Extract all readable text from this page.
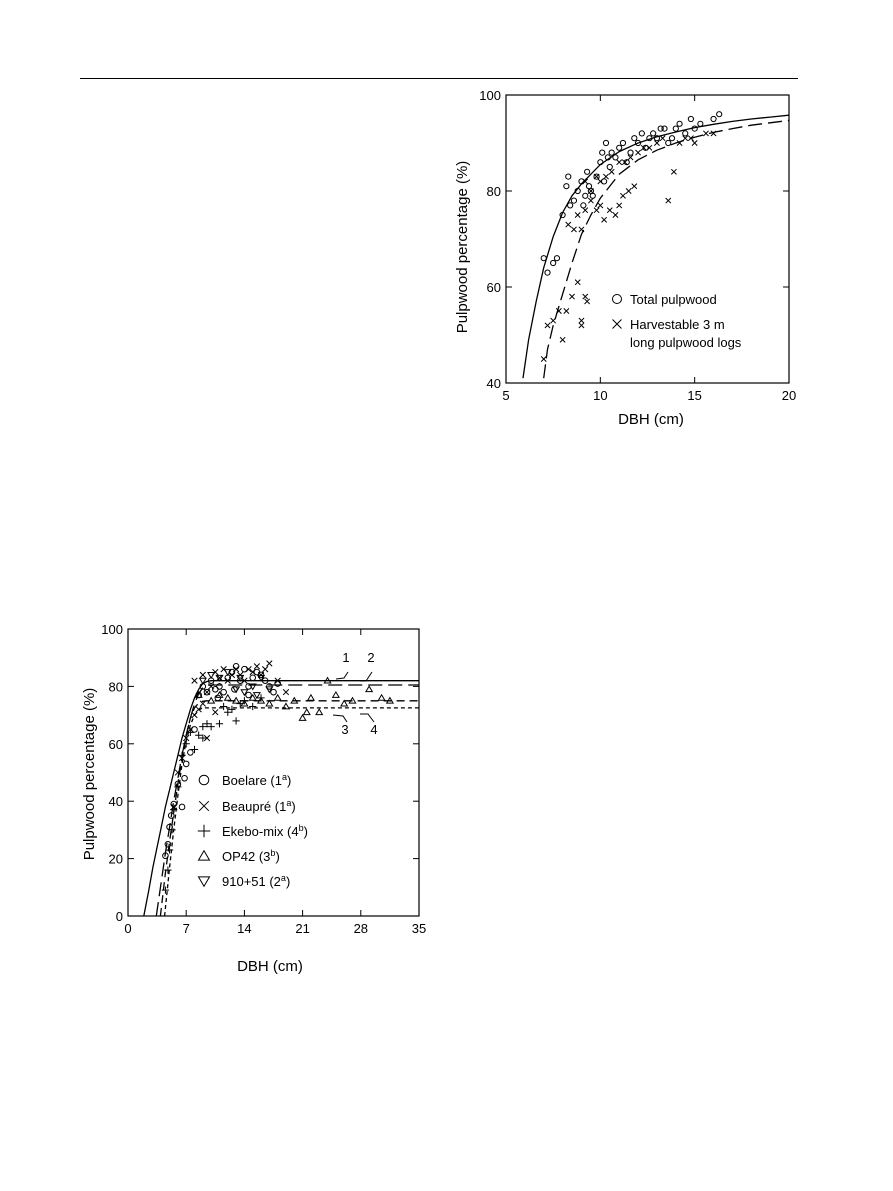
5	10	15	20
40
60
80
100
Total pulpwood
Harvestable 3 m
long pulpwood logs
DBH (cm)
Pulpwood percentage (%)
0	7	14	21	28	35
0
20
40
60
80
100
1 2
3 4
Boelare (1$^a$)
Beaupré (1$^a$)
Ekebo-mix (4$^b$)
OP42 (3$^b$)
910+51 (2$^a$)
DBH (cm)
Pulpwood percentage (%)
